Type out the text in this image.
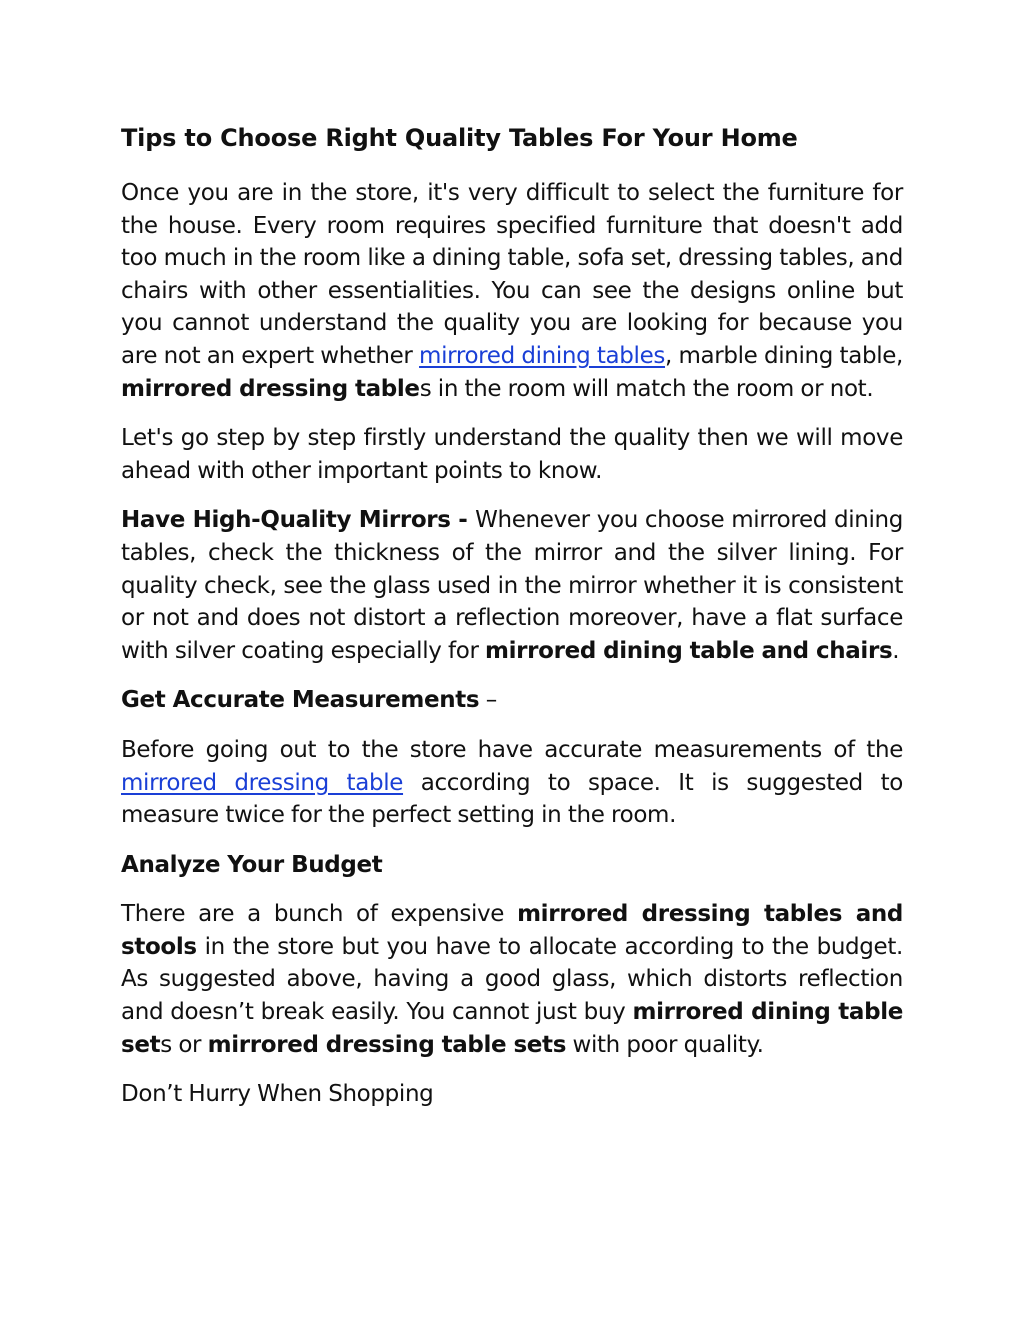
Tips to Choose Right Quality Tables For Your Home

Once you are in the store, it's very difficult to select the furniture for the house. Every room requires specified furniture that doesn't add too much in the room like a dining table, sofa set, dressing tables, and chairs with other essentialities. You can see the designs online but you cannot understand the quality you are looking for because you are not an expert whether mirrored dining tables, marble dining table, mirrored dressing tables in the room will match the room or not.

Let's go step by step firstly understand the quality then we will move ahead with other important points to know.

Have High-Quality Mirrors - Whenever you choose mirrored dining tables, check the thickness of the mirror and the silver lining. For quality check, see the glass used in the mirror whether it is consistent or not and does not distort a reflection moreover, have a flat surface with silver coating especially for mirrored dining table and chairs.

Get Accurate Measurements –

Before going out to the store have accurate measurements of the mirrored dressing table according to space. It is suggested to measure twice for the perfect setting in the room.

Analyze Your Budget

There are a bunch of expensive mirrored dressing tables and stools in the store but you have to allocate according to the budget. As suggested above, having a good glass, which distorts reflection and doesn’t break easily. You cannot just buy mirrored dining table sets or mirrored dressing table sets with poor quality.

Don’t Hurry When Shopping
